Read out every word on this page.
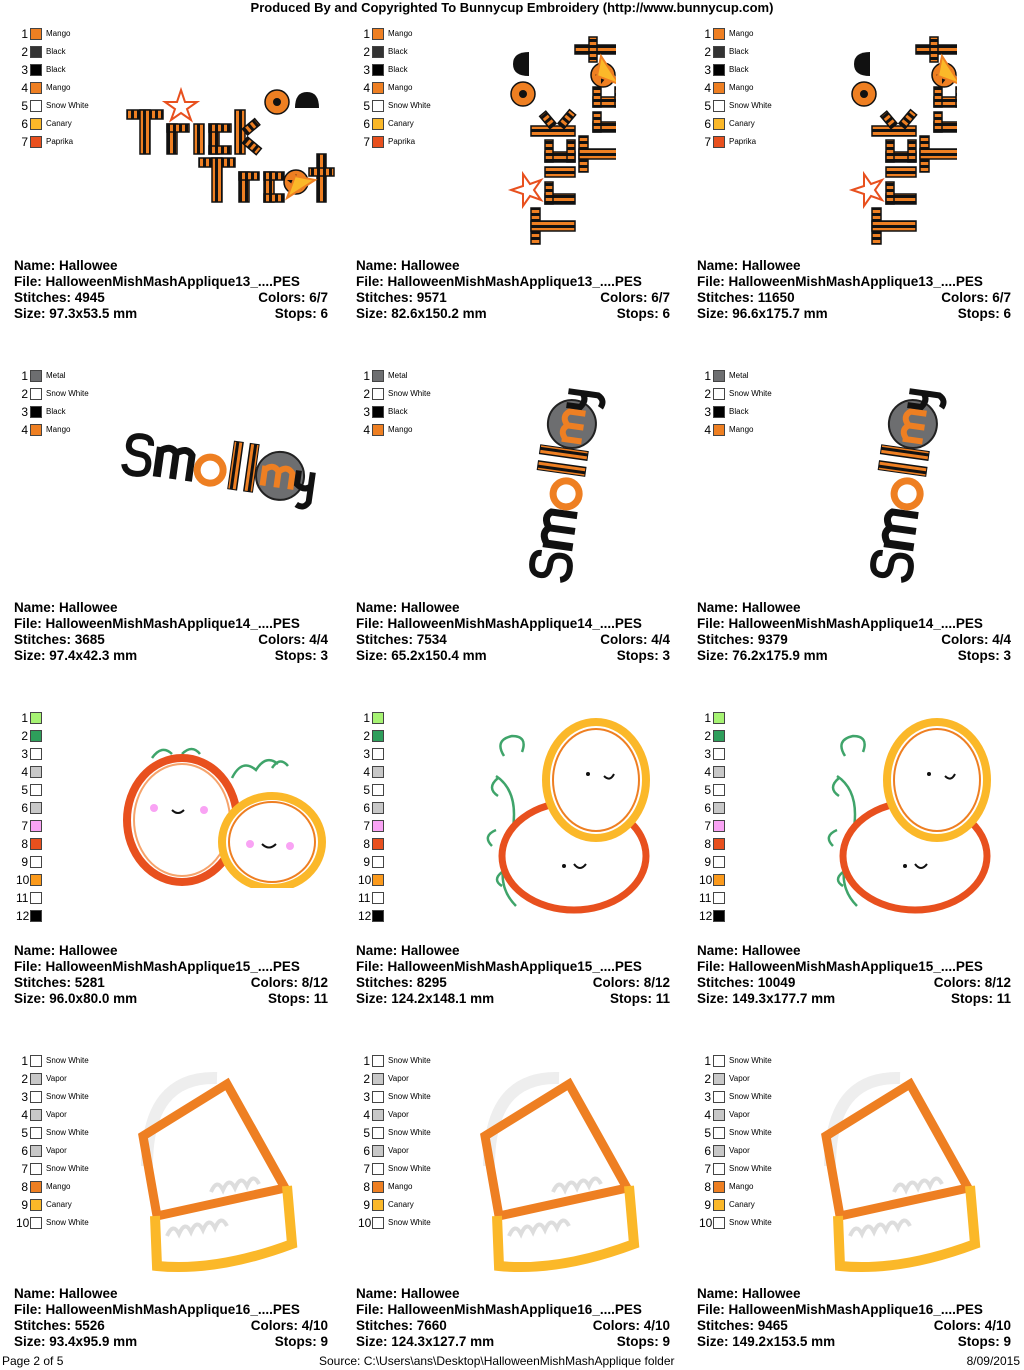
Produced By and Copyrighted To Bunnycup Embroidery (http://www.bunnycup.com)
1 Mango
2 Black
3 Black
4 Mango
5 Snow White
6 Canary
7 Paprika
Name: Hallowee
File: HalloweenMishMashApplique13_....PES
Stitches: 4945	Colors: 6/7
Size: 97.3x53.5 mm	Stops: 6
1 Mango
2 Black
3 Black
4 Mango
5 Snow White
6 Canary
7 Paprika
Name: Hallowee
File: HalloweenMishMashApplique13_....PES
Stitches: 9571	Colors: 6/7
Size: 82.6x150.2 mm	Stops: 6
1 Mango
2 Black
3 Black
4 Mango
5 Snow White
6 Canary
7 Paprika
Name: Hallowee
File: HalloweenMishMashApplique13_....PES
Stitches: 11650	Colors: 6/7
Size: 96.6x175.7 mm	Stops: 6
1 Metal
2 Snow White
3 Black
4 Mango
Name: Hallowee
File: HalloweenMishMashApplique14_....PES
Stitches: 3685	Colors: 4/4
Size: 97.4x42.3 mm	Stops: 3
1 Metal
2 Snow White
3 Black
4 Mango
Name: Hallowee
File: HalloweenMishMashApplique14_....PES
Stitches: 7534	Colors: 4/4
Size: 65.2x150.4 mm	Stops: 3
1 Metal
2 Snow White
3 Black
4 Mango
Name: Hallowee
File: HalloweenMishMashApplique14_....PES
Stitches: 9379	Colors: 4/4
Size: 76.2x175.9 mm	Stops: 3
1
2
3
4
5
6
7
8
9
10
11
12
Name: Hallowee
File: HalloweenMishMashApplique15_....PES
Stitches: 5281	Colors: 8/12
Size: 96.0x80.0 mm	Stops: 11
1
2
3
4
5
6
7
8
9
10
11
12
Name: Hallowee
File: HalloweenMishMashApplique15_....PES
Stitches: 8295	Colors: 8/12
Size: 124.2x148.1 mm	Stops: 11
1
2
3
4
5
6
7
8
9
10
11
12
Name: Hallowee
File: HalloweenMishMashApplique15_....PES
Stitches: 10049	Colors: 8/12
Size: 149.3x177.7 mm	Stops: 11
1 Snow White
2 Vapor
3 Snow White
4 Vapor
5 Snow White
6 Vapor
7 Snow White
8 Mango
9 Canary
10 Snow White
Name: Hallowee
File: HalloweenMishMashApplique16_....PES
Stitches: 5526	Colors: 4/10
Size: 93.4x95.9 mm	Stops: 9
1 Snow White
2 Vapor
3 Snow White
4 Vapor
5 Snow White
6 Vapor
7 Snow White
8 Mango
9 Canary
10 Snow White
Name: Hallowee
File: HalloweenMishMashApplique16_....PES
Stitches: 7660	Colors: 4/10
Size: 124.3x127.7 mm	Stops: 9
1 Snow White
2 Vapor
3 Snow White
4 Vapor
5 Snow White
6 Vapor
7 Snow White
8 Mango
9 Canary
10 Snow White
Name: Hallowee
File: HalloweenMishMashApplique16_....PES
Stitches: 9465	Colors: 4/10
Size: 149.2x153.5 mm	Stops: 9
Page 2 of 5	Source: C:\Users\ans\Desktop\HalloweenMishMashApplique folder	8/09/2015
